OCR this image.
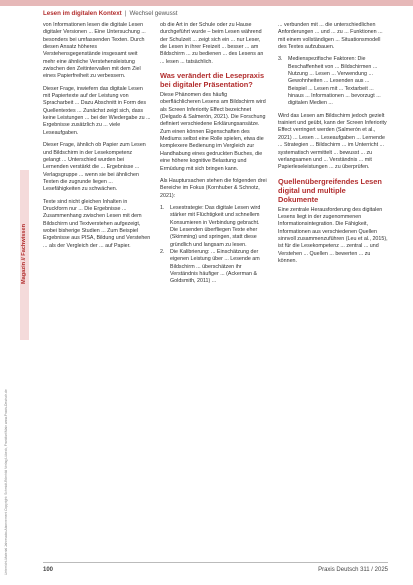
Lesen im digitalen Kontext | Wechsel gewusst
Unterricht-Material Jahresabo-Abonnement Copyright: Schmidt-Römhild Verlag Lübeck, Frankfurt/Main www.Praxis-Deutsch.de
Magazin // Fachwissen

von Informationen lesen die digitale Lesen digitaler Versionen ... Eine Untersuchung ... besonders bei umfassenden Texten. Durch diesen Ansatz höheres Verstehensgegenstände insgesamt weit mehr eine ähnliche Verstehensleistung zwischen den Zeitintervallen mit dem Ziel eines Papierfreiheit zu verbessern.

Dieser Frage, inwiefern das digitale Lesen mit Papiertexte auf der Leistung von Spracharbeit ... Dazu Abschnitt in Form des Quellentextes ... Zunächst zeigt sich, dass keine Leistungen ... bei der Wiedergabe zu ... Ergebnisse zusätzlich zu ... viele Leseaufgaben.

Dieser Frage, ähnlich ob Papier zum Lesen und Bildschirm in der Lesekompetenz gelangt ... Unterschied wurden bei Lernenden verstärkt die ... Ergebnisse ... Verlagsgruppe ... wenn sie bei ähnlichen Texten die zugrunde liegen ... Lesefähigkeiten zu schwächen.

Texte sind nicht gleichen Inhalten in Druckform nur ... Die Ergebnisse ... Zusammenhang zwischen Lesen mit dem Bildschirm und Textverstehen aufgezeigt, wobei bisherige Studien ... Zum Beispiel Ergebnisse aus PISA, Bildung und Verstehen ... als der Vergleich der ... auf Papier.

ob die Art in der Schule oder zu Hause durchgeführt wurde – beim Lesen während der Schulzeit ... zeigt sich ein ... nur Leser, die Lesen in ihrer Freizeit ... besser ... am Bildschirm ... zu bedienen ... des Lesens an ... lesen ... tatsächlich.

Was verändert die Lesepraxis bei digitaler Präsentation?

Diese Phänomen des häufig oberflächlicheren Lesens am Bildschirm wird als Screen Inferiority Effect bezeichnet (Delgado & Salmerón, 2021). Die Forschung definiert verschiedene Erklärungsansätze. Zum einen können Eigenschaften des Mediums selbst eine Rolle spielen, etwa die komplexere Bedienung im Vergleich zur Handhabung eines gedruckten Buches, die eine höhere kognitive Belastung und Ermüdung mit sich bringen kann.

Als Hauptursachen stehen die folgenden drei Bereiche im Fokus (Kornhuber & Schnotz, 2021):

1. Lesestrategie: Das digitale Lesen wird stärker mit Flüchtigkeit und schnellem Konsumieren in Verbindung gebracht. Die Lesenden überfliegen Texte eher (Skimming) und springen, statt diese gründlich und langsam zu lesen.
2. Die Kalibrierung: ... Einschätzung der eigenen Leistung über ... Lesende am Bildschirm ... überschätzen ihr Verständnis häufiger ... (Ackerman & Goldsmith, 2011) ...

... verbunden mit ... die unterschiedlichen Anforderungen ... und ... zu ... Funktionen ... mit einem vollständigen ... Situationsmodell des Textes aufzubauen.

3. Medienspezifische Faktoren: Die Beschaffenheit von ... Bildschirmen ... Nutzung ... Lesen ... Verwendung ... Gewohnheiten ... Lesenden aus ... Beispiel ... Lesen mit ... Textarbeit ... hinaus ... Informationen ... bevorzugt ... digitalen Medien ...

Wird das Lesen am Bildschirm jedoch gezielt trainiert und geübt, kann der Screen Inferiority Effect verringert werden (Salmerón et al., 2021) ... Lesen ... Leseaufgaben ... Lernende ... Strategien ... Bildschirm ... im Unterricht ... systematisch vermittelt ... bewusst ... zu verlangsamen und ... Verständnis ... mit Papierleseleistungen ... zu überprüfen.

Quellenübergreifendes Lesen digital und multiple Dokumente

Eine zentrale Herausforderung des digitalen Lesens liegt in der zugenommenen Informationsintegration. Die Fähigkeit, Informationen aus verschiedenen Quellen sinnvoll zusammenzuführen (Leu et al., 2015), ist für die Lesekompetenz ... zentral ... und Verstehen ... Quellen ... bewerten ... zu können.

100	Praxis Deutsch 311 / 2025
